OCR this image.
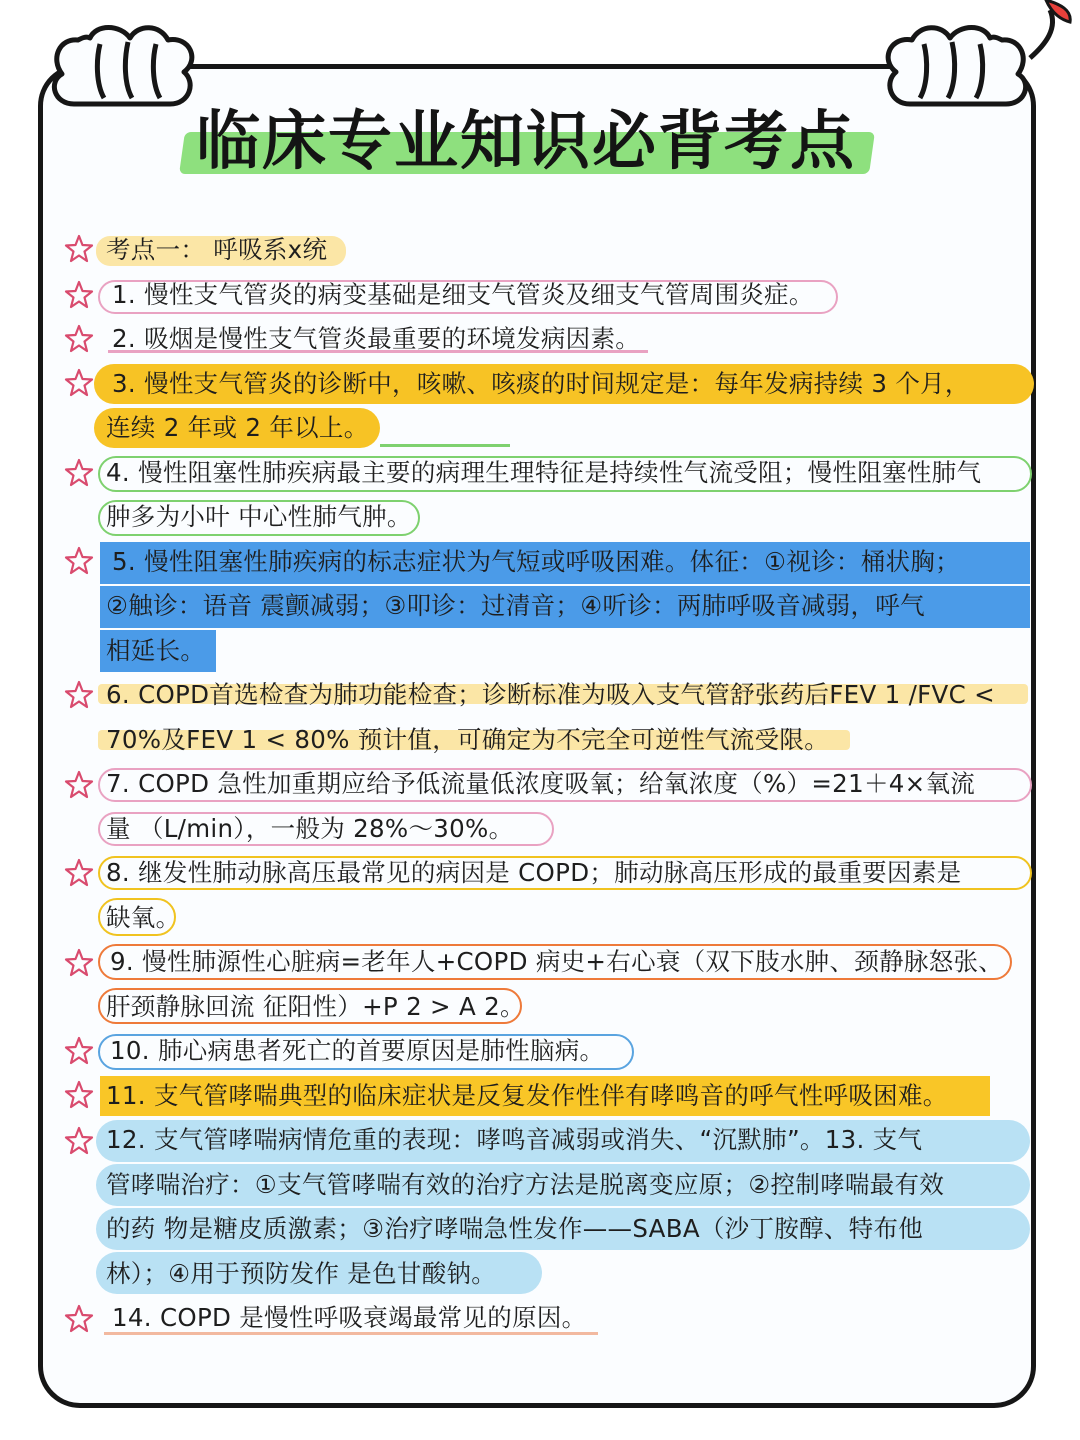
临床专业知识必背考点
考点一： 呼吸系x统
1. 慢性支气管炎的病变基础是细支气管炎及细支气管周围炎症。
2. 吸烟是慢性支气管炎最重要的环境发病因素。
3. 慢性支气管炎的诊断中，咳嗽、咳痰的时间规定是：每年发病持续 3 个月，
连续 2 年或 2 年以上。
4. 慢性阻塞性肺疾病最主要的病理生理特征是持续性气流受阻；慢性阻塞性肺气
肿多为小叶 中心性肺气肿。
5. 慢性阻塞性肺疾病的标志症状为气短或呼吸困难。体征：①视诊：桶状胸；
②触诊：语音 震颤减弱；③叩诊：过清音；④听诊：两肺呼吸音减弱，呼气
相延长。
6. COPD首选检查为肺功能检查；诊断标准为吸入支气管舒张药后FEV 1 /FVC <
70%及FEV 1 < 80% 预计值，可确定为不完全可逆性气流受限。
7. COPD 急性加重期应给予低流量低浓度吸氧；给氧浓度（%）=21＋4×氧流
量 （L/min），一般为 28%～30%。
8. 继发性肺动脉高压最常见的病因是 COPD；肺动脉高压形成的最重要因素是
缺氧。
9. 慢性肺源性心脏病=老年人+COPD 病史+右心衰（双下肢水肿、颈静脉怒张、
肝颈静脉回流 征阳性）+P 2 > A 2。
10. 肺心病患者死亡的首要原因是肺性脑病。
11. 支气管哮喘典型的临床症状是反复发作性伴有哮鸣音的呼气性呼吸困难。
12. 支气管哮喘病情危重的表现：哮鸣音减弱或消失、“沉默肺”。13. 支气
管哮喘治疗：①支气管哮喘有效的治疗方法是脱离变应原；②控制哮喘最有效
的药 物是糖皮质激素；③治疗哮喘急性发作——SABA（沙丁胺醇、特布他
林）；④用于预防发作 是色甘酸钠。
14. COPD 是慢性呼吸衰竭最常见的原因。
